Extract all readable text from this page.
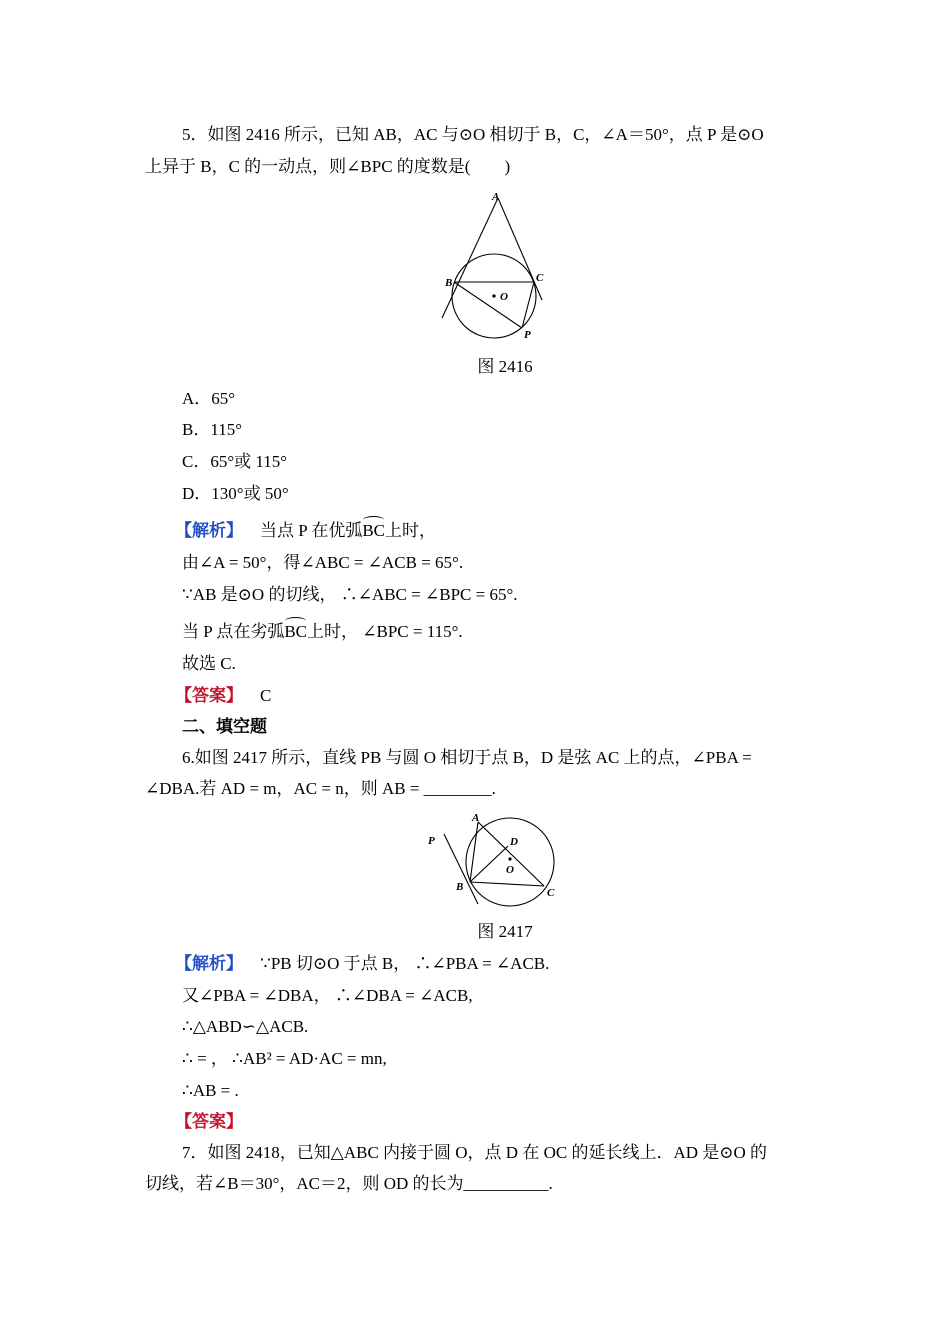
5．如图 2416 所示，已知 AB，AC 与⊙O 相切于 B，C，∠A＝50°，点 P 是⊙O
上异于 B，C 的一动点，则∠BPC 的度数是(　　)
A
B	C
O
P
图 2416
A．65°
B．115°
C．65°或 115°
D．130°或 50°
【解析】 当点 P 在优弧BC上时，
由∠A = 50°，得∠ABC = ∠ACB = 65°.
∵AB 是⊙O 的切线， ∴∠ABC = ∠BPC = 65°.
当 P 点在劣弧BC上时， ∠BPC = 115°.
故选 C.
【答案】 C
二、填空题
6.如图 2417 所示，直线 PB 与圆 O 相切于点 B，D 是弦 AC 上的点，∠PBA =
∠DBA.若 AD = m，AC = n，则 AB = ________.
P
A
D
O
B	C
图 2417
【解析】 ∵PB 切⊙O 于点 B， ∴∠PBA = ∠ACB.
又∠PBA = ∠DBA， ∴∠DBA = ∠ACB,
∴△ABD∽△ACB.
∴ = ， ∴AB² = AD·AC = mn,
∴AB = .
【答案】
7．如图 2418，已知△ABC 内接于圆 O，点 D 在 OC 的延长线上．AD 是⊙O 的
切线，若∠B＝30°，AC＝2，则 OD 的长为__________.
